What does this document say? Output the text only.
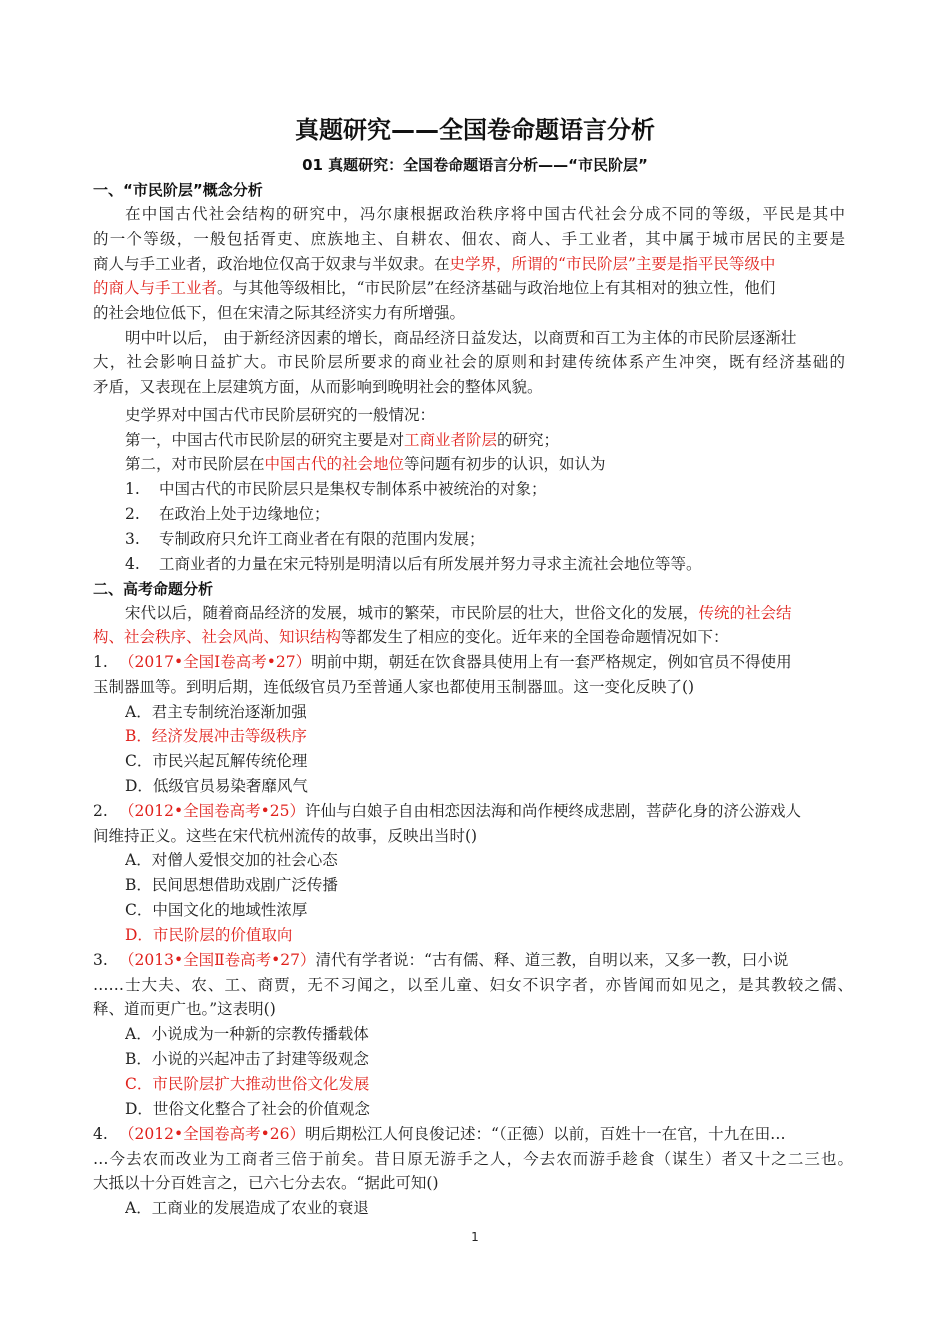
真题研究——全国卷命题语言分析
01 真题研究：全国卷命题语言分析——“市民阶层”
一、“市民阶层”概念分析
在中国古代社会结构的研究中，冯尔康根据政治秩序将中国古代社会分成不同的等级，平民是其中
的一个等级，一般包括胥吏、庶族地主、自耕农、佃农、商人、手工业者，其中属于城市居民的主要是
商人与手工业者，政治地位仅高于奴隶与半奴隶。在史学界，所谓的“市民阶层”主要是指平民等级中
的商人与手工业者。与其他等级相比，“市民阶层”在经济基础与政治地位上有其相对的独立性，他们
的社会地位低下，但在宋清之际其经济实力有所增强。
明中叶以后， 由于新经济因素的增长，商品经济日益发达，以商贾和百工为主体的市民阶层逐渐壮
大，社会影响日益扩大。市民阶层所要求的商业社会的原则和封建传统体系产生冲突，既有经济基础的
矛盾，又表现在上层建筑方面，从而影响到晚明社会的整体风貌。
史学界对中国古代市民阶层研究的一般情况：
第一，中国古代市民阶层的研究主要是对工商业者阶层的研究；
第二，对市民阶层在中国古代的社会地位等问题有初步的认识，如认为
1. 中国古代的市民阶层只是集权专制体系中被统治的对象；
2. 在政治上处于边缘地位；
3. 专制政府只允许工商业者在有限的范围内发展；
4. 工商业者的力量在宋元特别是明清以后有所发展并努力寻求主流社会地位等等。
二、高考命题分析
宋代以后，随着商品经济的发展，城市的繁荣，市民阶层的壮大，世俗文化的发展，传统的社会结
构、社会秩序、社会风尚、知识结构等都发生了相应的变化。近年来的全国卷命题情况如下：
1. （2017•全国Ⅰ卷高考•27）明前中期，朝廷在饮食器具使用上有一套严格规定，例如官员不得使用
玉制器皿等。到明后期，连低级官员乃至普通人家也都使用玉制器皿。这一变化反映了()
A．君主专制统治逐渐加强
B．经济发展冲击等级秩序
C．市民兴起瓦解传统伦理
D．低级官员易染奢靡风气
2. （2012•全国卷高考•25）许仙与白娘子自由相恋因法海和尚作梗终成悲剧，菩萨化身的济公游戏人
间维持正义。这些在宋代杭州流传的故事，反映出当时()
A．对僧人爱恨交加的社会心态
B．民间思想借助戏剧广泛传播
C．中国文化的地域性浓厚
D．市民阶层的价值取向
3. （2013•全国Ⅱ卷高考•27）清代有学者说：“古有儒、释、道三教，自明以来，又多一教，曰小说
……士大夫、农、工、商贾，无不习闻之，以至儿童、妇女不识字者，亦皆闻而如见之，是其教较之儒、
释、道而更广也。”这表明()
A．小说成为一种新的宗教传播载体
B．小说的兴起冲击了封建等级观念
C．市民阶层扩大推动世俗文化发展
D．世俗文化整合了社会的价值观念
4. （2012•全国卷高考•26）明后期松江人何良俊记述：“（正德）以前，百姓十一在官，十九在田…
…今去农而改业为工商者三倍于前矣。昔日原无游手之人，今去农而游手趁食（谋生）者又十之二三也。
大抵以十分百姓言之，已六七分去农。“据此可知()
A．工商业的发展造成了农业的衰退
1
